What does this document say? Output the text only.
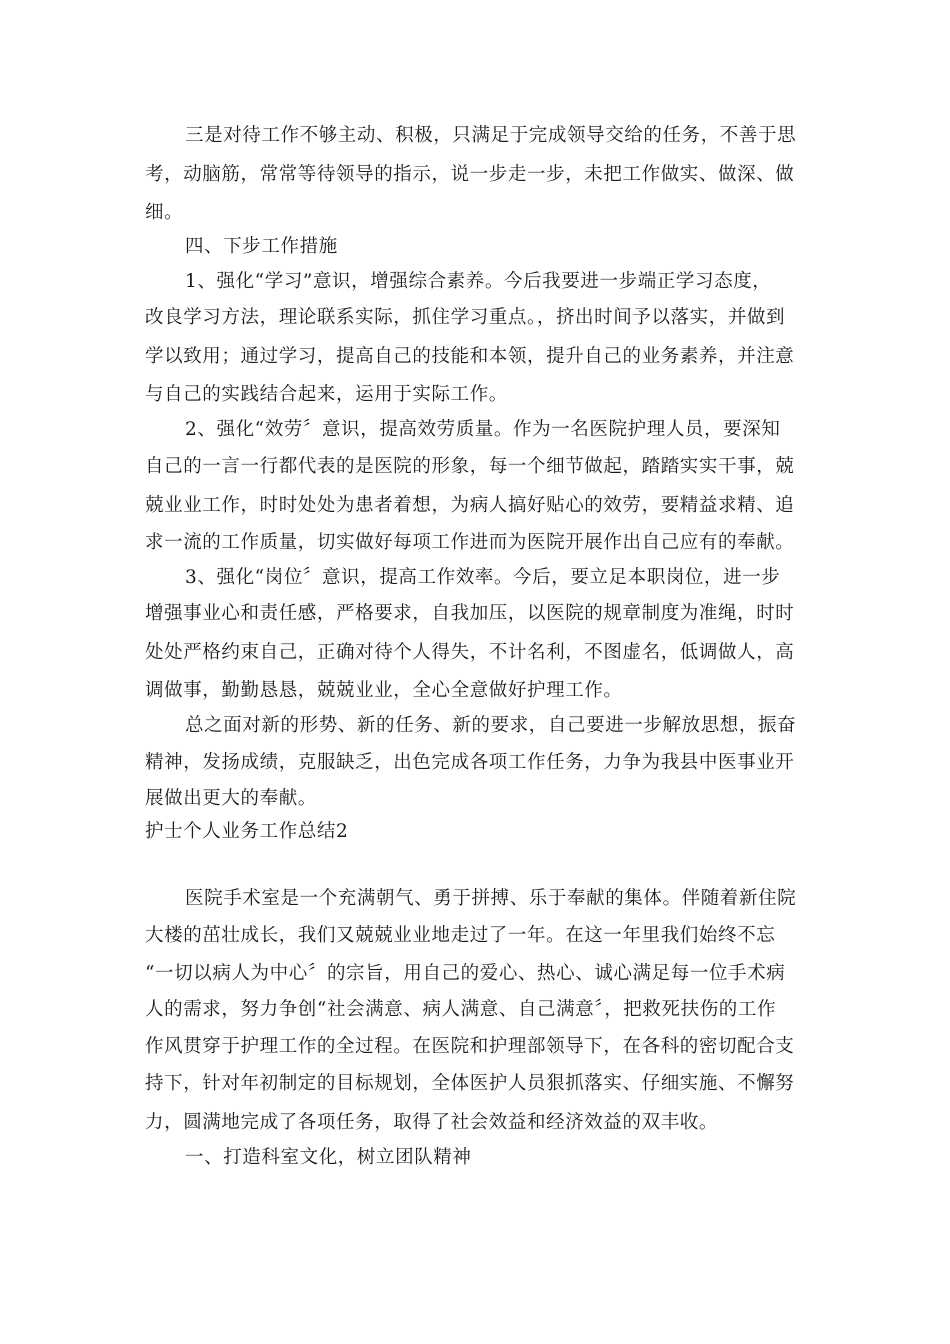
三是对待工作不够主动、积极，只满足于完成领导交给的任务，不善于思
考，动脑筋，常常等待领导的指示，说一步走一步，未把工作做实、做深、做
细。
四、下步工作措施
1、强化“学习”意识，增强综合素养。今后我要进一步端正学习态度，
改良学习方法，理论联系实际，抓住学习重点。，挤出时间予以落实，并做到
学以致用；通过学习，提高自己的技能和本领，提升自己的业务素养，并注意
与自己的实践结合起来，运用于实际工作。
2、强化“效劳〞意识，提高效劳质量。作为一名医院护理人员，要深知
自己的一言一行都代表的是医院的形象，每一个细节做起，踏踏实实干事，兢
兢业业工作，时时处处为患者着想，为病人搞好贴心的效劳，要精益求精、追
求一流的工作质量，切实做好每项工作进而为医院开展作出自己应有的奉献。
3、强化“岗位〞意识，提高工作效率。今后，要立足本职岗位，进一步
增强事业心和责任感，严格要求，自我加压，以医院的规章制度为准绳，时时
处处严格约束自己，正确对待个人得失，不计名利，不图虚名，低调做人，高
调做事，勤勤恳恳，兢兢业业，全心全意做好护理工作。
总之面对新的形势、新的任务、新的要求，自己要进一步解放思想，振奋
精神，发扬成绩，克服缺乏，出色完成各项工作任务，力争为我县中医事业开
展做出更大的奉献。
护士个人业务工作总结2
医院手术室是一个充满朝气、勇于拼搏、乐于奉献的集体。伴随着新住院
大楼的茁壮成长，我们又兢兢业业地走过了一年。在这一年里我们始终不忘
“一切以病人为中心〞的宗旨，用自己的爱心、热心、诚心满足每一位手术病
人的需求，努力争创“社会满意、病人满意、自己满意〞，把救死扶伤的工作
作风贯穿于护理工作的全过程。在医院和护理部领导下，在各科的密切配合支
持下，针对年初制定的目标规划，全体医护人员狠抓落实、仔细实施、不懈努
力，圆满地完成了各项任务，取得了社会效益和经济效益的双丰收。
一、打造科室文化，树立团队精神
